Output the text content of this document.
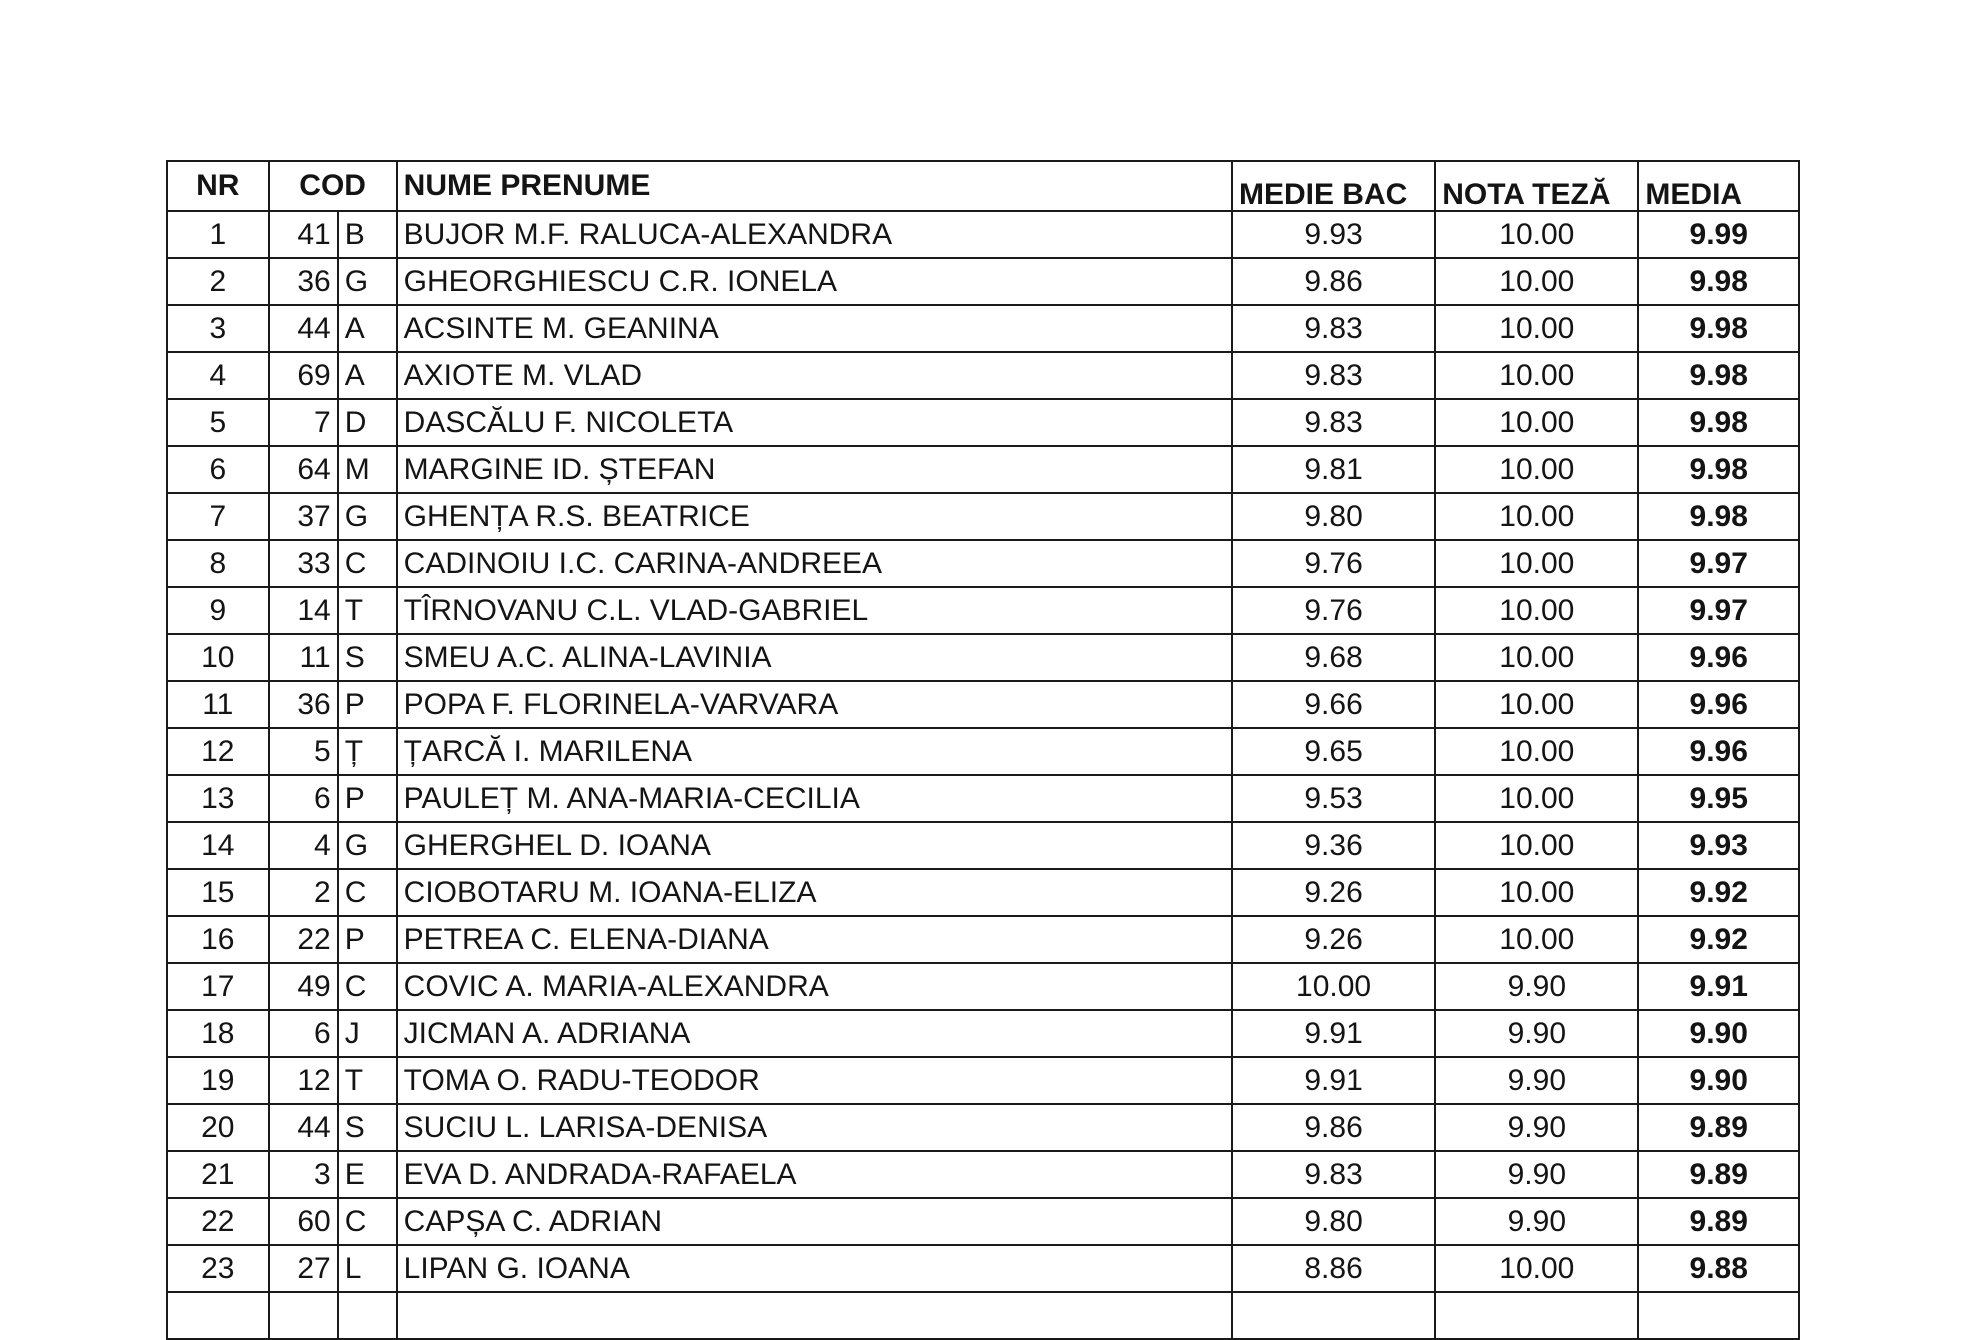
NR	COD		NUME PRENUME	MEDIE BAC	NOTA TEZĂ	MEDIA
1	41	B	BUJOR M.F. RALUCA-ALEXANDRA	9.93	10.00	9.99
2	36	G	GHEORGHIESCU C.R. IONELA	9.86	10.00	9.98
3	44	A	ACSINTE M. GEANINA	9.83	10.00	9.98
4	69	A	AXIOTE M. VLAD	9.83	10.00	9.98
5	7	D	DASCĂLU F. NICOLETA	9.83	10.00	9.98
6	64	M	MARGINE ID. ȘTEFAN	9.81	10.00	9.98
7	37	G	GHENȚA R.S. BEATRICE	9.80	10.00	9.98
8	33	C	CADINOIU I.C. CARINA-ANDREEA	9.76	10.00	9.97
9	14	T	TÎRNOVANU C.L. VLAD-GABRIEL	9.76	10.00	9.97
10	11	S	SMEU A.C. ALINA-LAVINIA	9.68	10.00	9.96
11	36	P	POPA F. FLORINELA-VARVARA	9.66	10.00	9.96
12	5	Ț	ȚARCĂ I. MARILENA	9.65	10.00	9.96
13	6	P	PAULEȚ M. ANA-MARIA-CECILIA	9.53	10.00	9.95
14	4	G	GHERGHEL D. IOANA	9.36	10.00	9.93
15	2	C	CIOBOTARU M. IOANA-ELIZA	9.26	10.00	9.92
16	22	P	PETREA C. ELENA-DIANA	9.26	10.00	9.92
17	49	C	COVIC A. MARIA-ALEXANDRA	10.00	9.90	9.91
18	6	J	JICMAN A. ADRIANA	9.91	9.90	9.90
19	12	T	TOMA O. RADU-TEODOR	9.91	9.90	9.90
20	44	S	SUCIU L. LARISA-DENISA	9.86	9.90	9.89
21	3	E	EVA D. ANDRADA-RAFAELA	9.83	9.90	9.89
22	60	C	CAPȘA C. ADRIAN	9.80	9.90	9.89
23	27	L	LIPAN G. IOANA	8.86	10.00	9.88
